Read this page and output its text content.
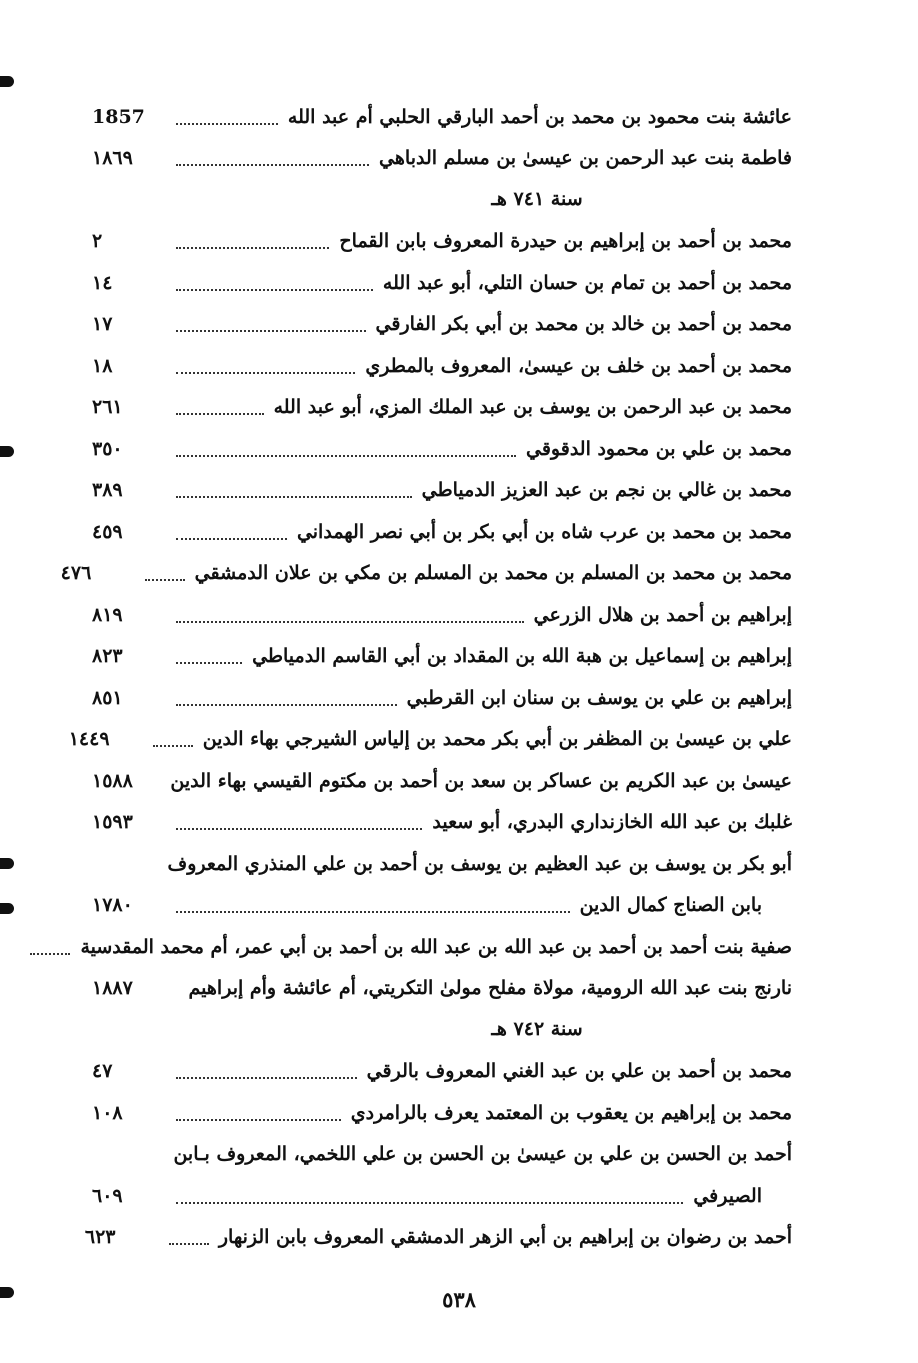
عائشة بنت محمود بن محمد بن أحمد البارقي الحلبي أم عبد الله
1857
فاطمة بنت عبد الرحمن بن عيسىٰ بن مسلم الدباهي
١٨٦٩
سنة ٧٤١ هـ
محمد بن أحمد بن إبراهيم بن حيدرة المعروف بابن القماح
٢
محمد بن أحمد بن تمام بن حسان التلي، أبو عبد الله
١٤
محمد بن أحمد بن خالد بن محمد بن أبي بكر الفارقي
١٧
محمد بن أحمد بن خلف بن عيسىٰ، المعروف بالمطري
١٨
محمد بن عبد الرحمن بن يوسف بن عبد الملك المزي، أبو عبد الله
٢٦١
محمد بن علي بن محمود الدقوقي
٣٥٠
محمد بن غالي بن نجم بن عبد العزيز الدمياطي
٣٨٩
محمد بن محمد بن عرب شاه بن أبي بكر بن أبي نصر الهمداني
٤٥٩
محمد بن محمد بن المسلم بن محمد بن المسلم بن مكي بن علان الدمشقي
٤٧٦
إبراهيم بن أحمد بن هلال الزرعي
٨١٩
إبراهيم بن إسماعيل بن هبة الله بن المقداد بن أبي القاسم الدمياطي
٨٢٣
إبراهيم بن علي بن يوسف بن سنان ابن القرطبي
٨٥١
علي بن عيسىٰ بن المظفر بن أبي بكر محمد بن إلياس الشيرجي بهاء الدين
١٤٤٩
عيسىٰ بن عبد الكريم بن عساكر بن سعد بن أحمد بن مكتوم القيسي بهاء الدين
١٥٨٨
غلبك بن عبد الله الخازنداري البدري، أبو سعيد
١٥٩٣
أبو بكر بن يوسف بن عبد العظيم بن يوسف بن أحمد بن علي المنذري المعروف
بابن الصناج كمال الدين
١٧٨٠
صفية بنت أحمد بن أحمد بن عبد الله بن عبد الله بن أحمد بن أبي عمر، أم محمد المقدسية
نارنج بنت عبد الله الرومية، مولاة مفلح مولىٰ التكريتي، أم عائشة وأم إبراهيم
١٨٨٧
سنة ٧٤٢ هـ
محمد بن أحمد بن علي بن عبد الغني المعروف بالرقي
٤٧
محمد بن إبراهيم بن يعقوب بن المعتمد يعرف بالرامردي
١٠٨
أحمد بن الحسن بن علي بن عيسىٰ بن الحسن بن علي اللخمي، المعروف بـابن
الصيرفي
٦٠٩
أحمد بن رضوان بن إبراهيم بن أبي الزهر الدمشقي المعروف بابن الزنهار
٦٢٣
٥٣٨
